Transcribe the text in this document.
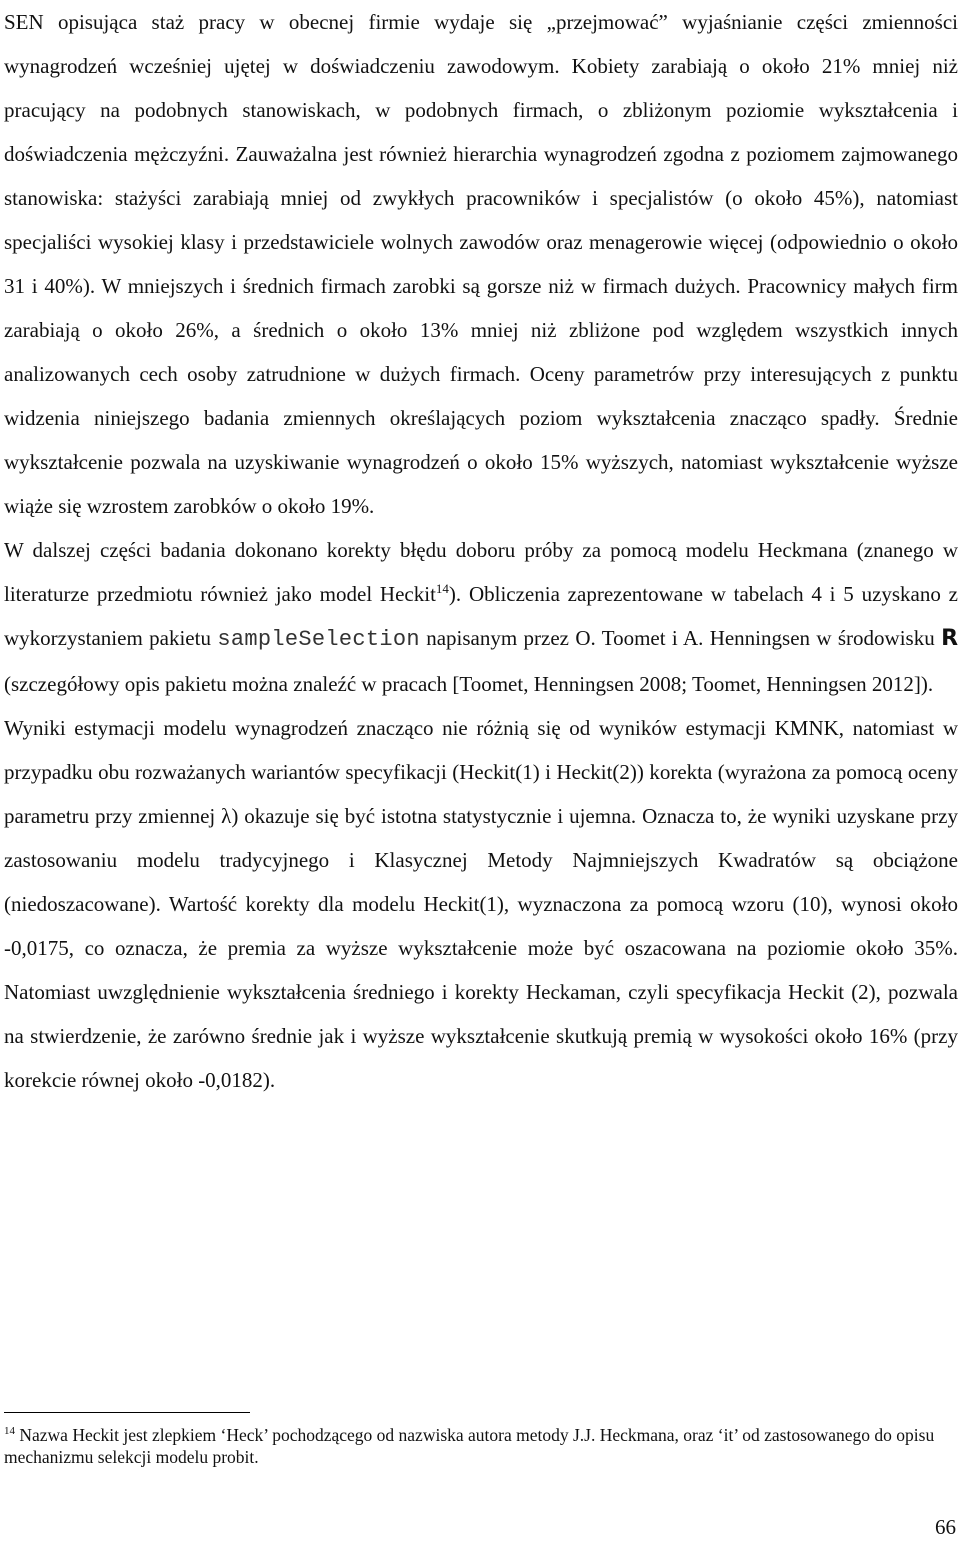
SEN opisująca staż pracy w obecnej firmie wydaje się „przejmować” wyjaśnianie części zmienności wynagrodzeń wcześniej ujętej w doświadczeniu zawodowym. Kobiety zarabiają o około 21% mniej niż pracujący na podobnych stanowiskach, w podobnych firmach, o zbliżonym poziomie wykształcenia i doświadczenia mężczyźni. Zauważalna jest również hierarchia wynagrodzeń zgodna z poziomem zajmowanego stanowiska: stażyści zarabiają mniej od zwykłych pracowników i specjalistów (o około 45%), natomiast specjaliści wysokiej klasy i przedstawiciele wolnych zawodów oraz menagerowie więcej (odpowiednio o około 31 i 40%). W mniejszych i średnich firmach zarobki są gorsze niż w firmach dużych. Pracownicy małych firm zarabiają o około 26%, a średnich o około 13% mniej niż zbliżone pod względem wszystkich innych analizowanych cech osoby zatrudnione w dużych firmach. Oceny parametrów przy interesujących z punktu widzenia niniejszego badania zmiennych określających poziom wykształcenia znacząco spadły. Średnie wykształcenie pozwala na uzyskiwanie wynagrodzeń o około 15% wyższych, natomiast wykształcenie wyższe wiąże się wzrostem zarobków o około 19%.

W dalszej części badania dokonano korekty błędu doboru próby za pomocą modelu Heckmana (znanego w literaturze przedmiotu również jako model Heckit$^{14}$). Obliczenia zaprezentowane w tabelach 4 i 5 uzyskano z wykorzystaniem pakietu sampleSelection napisanym przez O. Toomet i A. Henningsen w środowisku R (szczegółowy opis pakietu można znaleźć w pracach [Toomet, Henningsen 2008; Toomet, Henningsen 2012]).

Wyniki estymacji modelu wynagrodzeń znacząco nie różnią się od wyników estymacji KMNK, natomiast w przypadku obu rozważanych wariantów specyfikacji (Heckit(1) i Heckit(2)) korekta (wyrażona za pomocą oceny parametru przy zmiennej λ) okazuje się być istotna statystycznie i ujemna. Oznacza to, że wyniki uzyskane przy zastosowaniu modelu tradycyjnego i Klasycznej Metody Najmniejszych Kwadratów są obciążone (niedoszacowane). Wartość korekty dla modelu Heckit(1), wyznaczona za pomocą wzoru (10), wynosi około -0,0175, co oznacza, że premia za wyższe wykształcenie może być oszacowana na poziomie około 35%. Natomiast uwzględnienie wykształcenia średniego i korekty Heckaman, czyli specyfikacja Heckit (2), pozwala na stwierdzenie, że zarówno średnie jak i wyższe wykształcenie skutkują premią w wysokości około 16% (przy korekcie równej około -0,0182).

$^{14}$ Nazwa Heckit jest zlepkiem ‘Heck’ pochodzącego od nazwiska autora metody J.J. Heckmana, oraz ‘it’ od zastosowanego do opisu mechanizmu selekcji modelu probit.
66
